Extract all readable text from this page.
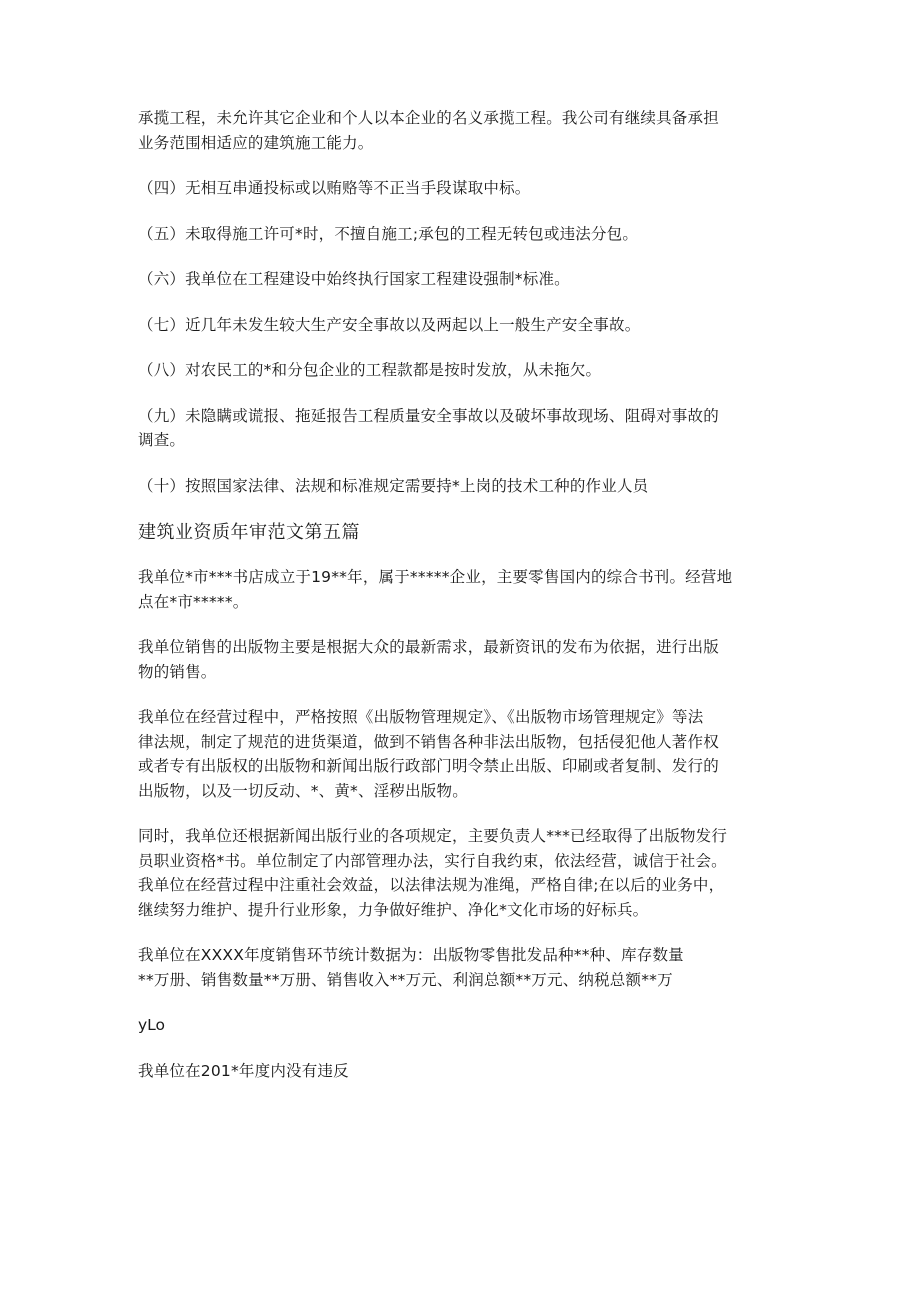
承揽工程，未允许其它企业和个人以本企业的名义承揽工程。我公司有继续具备承担
业务范围相适应的建筑施工能力。

（四）无相互串通投标或以贿赂等不正当手段谋取中标。

（五）未取得施工许可*时，不擅自施工;承包的工程无转包或违法分包。

（六）我单位在工程建设中始终执行国家工程建设强制*标准。

（七）近几年未发生较大生产安全事故以及两起以上一般生产安全事故。

（八）对农民工的*和分包企业的工程款都是按时发放，从未拖欠。

（九）未隐瞒或谎报、拖延报告工程质量安全事故以及破坏事故现场、阻碍对事故的
调查。

（十）按照国家法律、法规和标准规定需要持*上岗的技术工种的作业人员

建筑业资质年审范文第五篇

我单位*市***书店成立于19**年，属于*****企业，主要零售国内的综合书刊。经营地
点在*市*****。

我单位销售的出版物主要是根据大众的最新需求，最新资讯的发布为依据，进行出版
物的销售。

我单位在经营过程中，严格按照《出版物管理规定》、《出版物市场管理规定》等法
律法规，制定了规范的进货渠道，做到不销售各种非法出版物，包括侵犯他人著作权
或者专有出版权的出版物和新闻出版行政部门明令禁止出版、印刷或者复制、发行的
出版物，以及一切反动、*、黄*、淫秽出版物。

同时，我单位还根据新闻出版行业的各项规定，主要负责人***已经取得了出版物发行
员职业资格*书。单位制定了内部管理办法，实行自我约束，依法经营，诚信于社会。
我单位在经营过程中注重社会效益，以法律法规为准绳，严格自律;在以后的业务中，
继续努力维护、提升行业形象，力争做好维护、净化*文化市场的好标兵。

我单位在XXXX年度销售环节统计数据为：出版物零售批发品种**种、库存数量
**万册、销售数量**万册、销售收入**万元、利润总额**万元、纳税总额**万

yLo

我单位在201*年度内没有违反
